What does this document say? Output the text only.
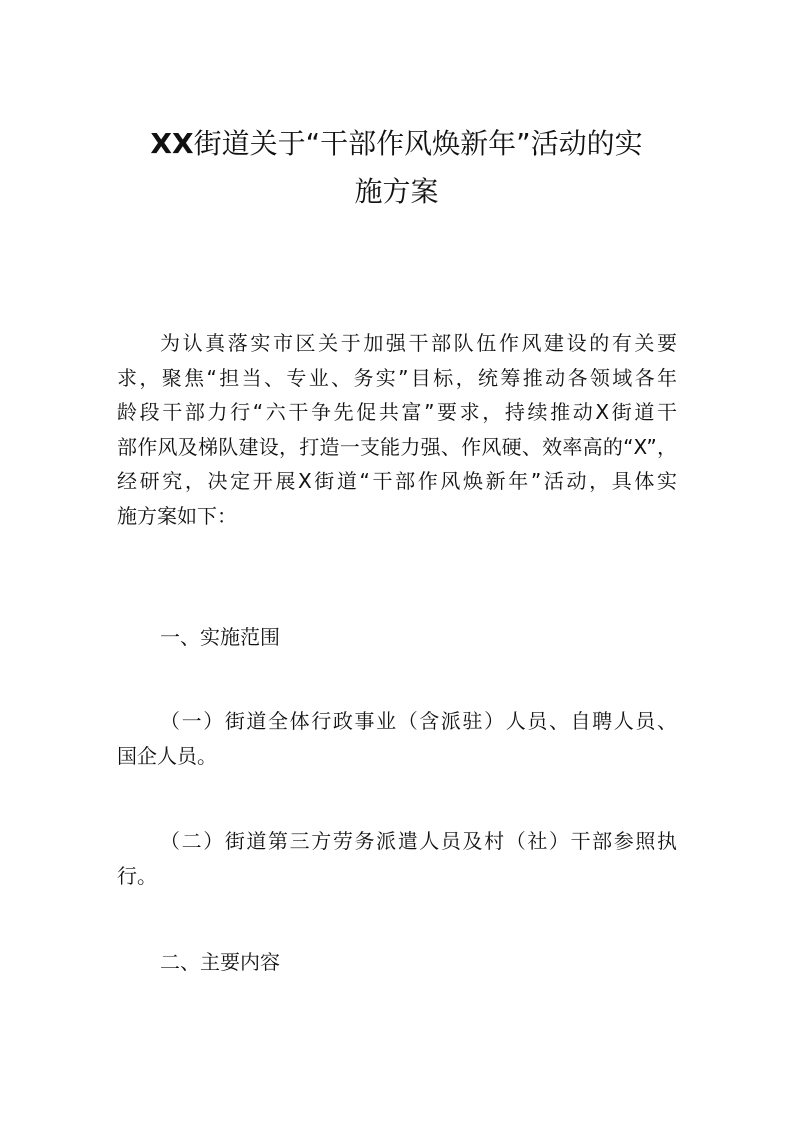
XX街道关于“干部作风焕新年”活动的实
施方案
为认真落实市区关于加强干部队伍作风建设的有关要
求，聚焦“担当、专业、务实”目标，统筹推动各领域各年
龄段干部力行“六干争先促共富”要求，持续推动X街道干
部作风及梯队建设，打造一支能力强、作风硬、效率高的“X”，
经研究，决定开展X街道“干部作风焕新年”活动，具体实
施方案如下：
一、实施范围
（一）街道全体行政事业（含派驻）人员、自聘人员、
国企人员。
（二）街道第三方劳务派遣人员及村（社）干部参照执
行。
二、主要内容
